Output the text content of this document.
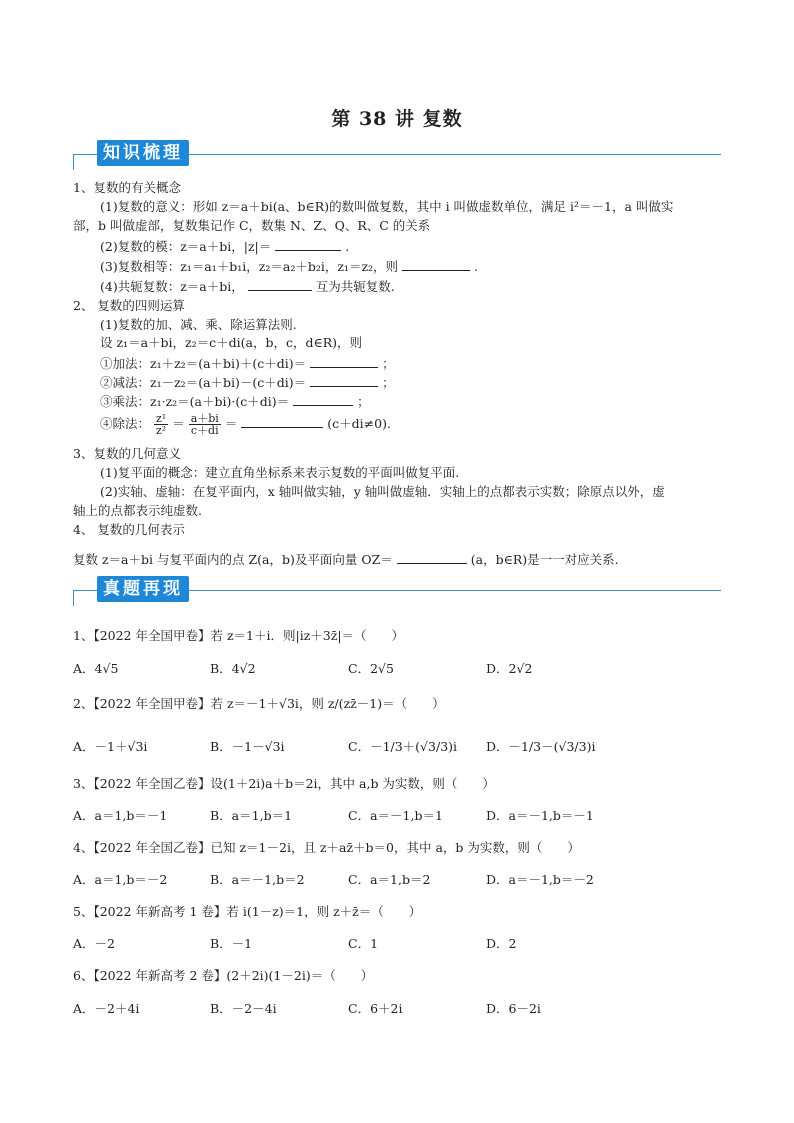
第 38 讲 复数
知识梳理
1、复数的有关概念
(1)复数的意义：形如 z＝a＋bi(a、b∈R)的数叫做复数，其中 i 叫做虚数单位，满足 i²＝－1，a 叫做实
部，b 叫做虚部，复数集记作 C，数集 N、Z、Q、R、C 的关系
(2)复数的模：z＝a＋bi，|z|＝	.
(3)复数相等：z₁＝a₁＋b₁i，z₂＝a₂＋b₂i，z₁＝z₂，则	.
(4)共轭复数：z＝a＋bi，	互为共轭复数.
2、 复数的四则运算
(1)复数的加、减、乘、除运算法则.
设 z₁＝a＋bi，z₂＝c＋di(a，b，c，d∈R)，则
①加法：z₁＋z₂＝(a＋bi)＋(c＋di)＝	；
②减法：z₁－z₂＝(a＋bi)－(c＋di)＝	；
③乘法：z₁·z₂＝(a＋bi)·(c＋di)＝	；
④除法： $\frac{\text{z¹}}{\text{z²}} = \frac{a+bi}{c+di}$ ＝	(c＋di≠0).
3、复数的几何意义
(1)复平面的概念：建立直角坐标系来表示复数的平面叫做复平面.
(2)实轴、虚轴：在复平面内，x 轴叫做实轴，y 轴叫做虚轴．实轴上的点都表示实数；除原点以外，虚
轴上的点都表示纯虚数.
4、 复数的几何表示
复数 z＝a＋bi 与复平面内的点 Z(a，b)及平面向量 OZ＝	(a，b∈R)是一一对应关系.
真题再现
1、【2022 年全国甲卷】若 z＝1＋i．则|iz＋3z̄|＝（　　）
A．4√5	B．4√2	C．2√5	D．2√2
2、【2022 年全国甲卷】若 z＝－1＋√3i，则 z/(zz̄－1)＝（　　）
A．－1＋√3i	B．－1－√3i	C．－1/3＋(√3/3)i D．－1/3－(√3/3)i
3、【2022 年全国乙卷】设(1＋2i)a＋b＝2i，其中 a,b 为实数，则（　　）
A．a＝1,b＝－1	B．a＝1,b＝1	C．a＝－1,b＝1	D．a＝－1,b＝－1
4、【2022 年全国乙卷】已知 z＝1－2i，且 z＋az̄＋b＝0，其中 a，b 为实数，则（　　）
A．a＝1,b＝－2	B．a＝－1,b＝2	C．a＝1,b＝2	D．a＝－1,b＝－2
5、【2022 年新高考 1 卷】若 i(1－z)＝1，则 z＋z̄＝（　　）
A．－2	B．－1	C．1	D．2
6、【2022 年新高考 2 卷】(2＋2i)(1－2i)＝（　　）
A．－2＋4i	B．－2－4i	C．6＋2i	D．6－2i
